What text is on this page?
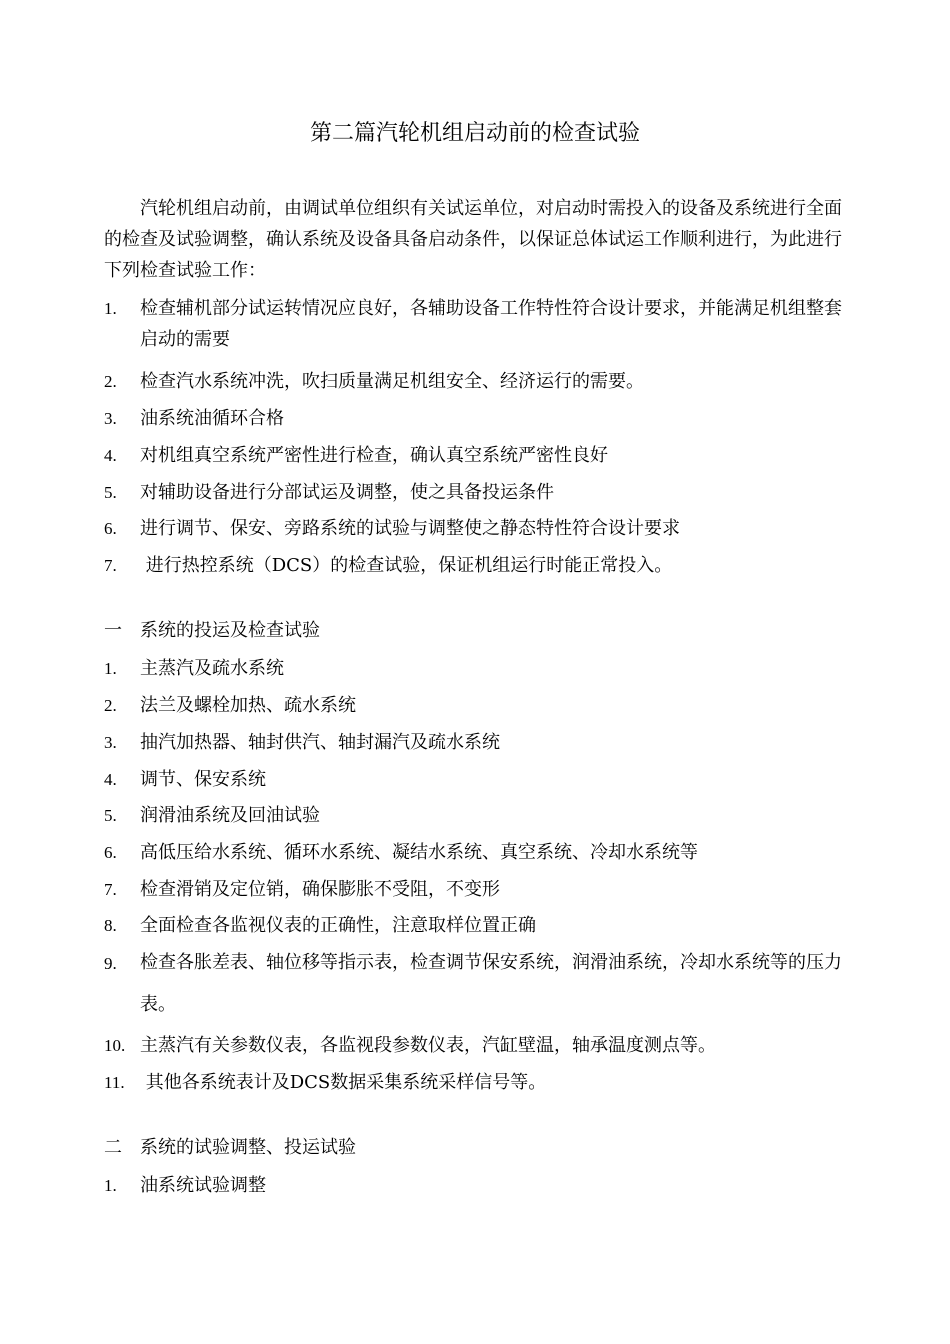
第二篇汽轮机组启动前的检查试验
汽轮机组启动前，由调试单位组织有关试运单位，对启动时需投入的设备及系统进行全面的检查及试验调整，确认系统及设备具备启动条件，以保证总体试运工作顺利进行，为此进行下列检查试验工作：
1.	检查辅机部分试运转情况应良好，各辅助设备工作特性符合设计要求，并能满足机组整套启动的需要
2.	检查汽水系统冲洗，吹扫质量满足机组安全、经济运行的需要。
3.	油系统油循环合格
4.	对机组真空系统严密性进行检查，确认真空系统严密性良好
5.	对辅助设备进行分部试运及调整，使之具备投运条件
6.	进行调节、保安、旁路系统的试验与调整使之静态特性符合设计要求
7.	进行热控系统（DCS）的检查试验，保证机组运行时能正常投入。
一	系统的投运及检查试验
1.	主蒸汽及疏水系统
2.	法兰及螺栓加热、疏水系统
3.	抽汽加热器、轴封供汽、轴封漏汽及疏水系统
4.	调节、保安系统
5.	润滑油系统及回油试验
6.	高低压给水系统、循环水系统、凝结水系统、真空系统、冷却水系统等
7.	检查滑销及定位销，确保膨胀不受阻，不变形
8.	全面检查各监视仪表的正确性，注意取样位置正确
9.	检查各胀差表、轴位移等指示表，检查调节保安系统，润滑油系统，冷却水系统等的压力表。
10. 主蒸汽有关参数仪表，各监视段参数仪表，汽缸壁温，轴承温度测点等。
11. 其他各系统表计及DCS数据采集系统采样信号等。
二	系统的试验调整、投运试验
1.	油系统试验调整
